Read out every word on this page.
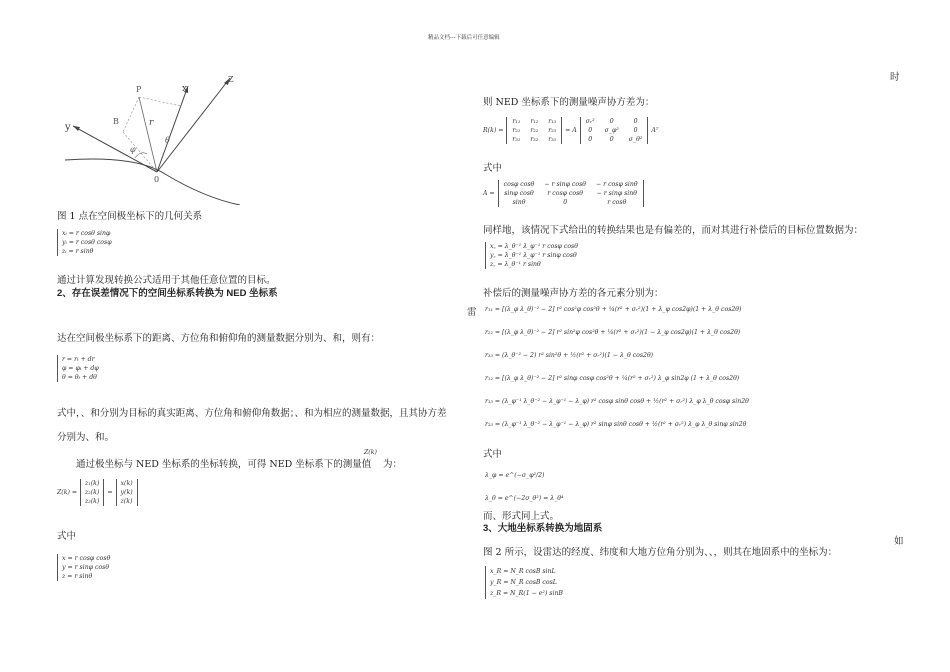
精品文档---下载后可任意编辑
时
雷
如
P	x
Z
y
B	r
φ
θ
0
图 1 点在空间极坐标下的几何关系
xᵢ = r cosθ sinφ
yᵢ = r cosθ cosφ
zᵢ = r sinθ
通过计算发现转换公式适用于其他任意位置的目标。
2、存在误差情况下的空间坐标系转换为 NED 坐标系
达在空间极坐标系下的距离、方位角和俯仰角的测量数据分别为、和，则有：
r = rₜ + dr
φ = φₜ + dφ
θ = θₜ + dθ
式中，、和分别为目标的真实距离、方位角和俯仰角数据；、和为相应的测量数据，且其协方差
分别为、和。
Z(k)
通过极坐标与 NED 坐标系的坐标转换，可得 NED 坐标系下的测量值 为：
Z(k) =
z₁(k)
z₂(k)
z₃(k)
=
x(k)
y(k)
z(k)
式中
x = r cosφ cosθ
y = r sinφ cosθ
z = r sinθ
则 NED 坐标系下的测量噪声协方差为：
R(k) =
r₁₁	r₁₂	r₁₃
r₂₁	r₂₂	r₂₃
r₃₁	r₃₂	r₃₃
= A
σᵣ²	0	0
0	σ_φ²	0
0	0	σ_θ²
Aᵀ
式中
A =
cosφ cosθ	− r sinφ cosθ	− r cosφ sinθ
sinφ cosθ	r cosφ cosθ	− r sinφ sinθ
sinθ	0	r cosθ
同样地，该情况下式给出的转换结果也是有偏差的，而对其进行补偿后的目标位置数据为：
x꜀ = λ_θ⁻¹ λ_φ⁻¹ r cosφ cosθ
y꜀ = λ_θ⁻¹ λ_φ⁻¹ r sinφ cosθ
z꜀ = λ_θ⁻¹ r sinθ
补偿后的测量噪声协方差的各元素分别为：
r₁₁ = [(λ_φ λ_θ)⁻² − 2] r² cos²φ cos²θ + ¼(r² + σᵣ²)(1 + λ_φ cos2φ)(1 + λ_θ cos2θ)
r₂₂ = [(λ_φ λ_θ)⁻² − 2] r² sin²φ cos²θ + ¼(r² + σᵣ²)(1 − λ_φ cos2φ)(1 + λ_θ cos2θ)
r₃₃ = (λ_θ⁻² − 2) r² sin²θ + ½(r² + σᵣ²)(1 − λ_θ cos2θ)
r₁₂ = [(λ_φ λ_θ)⁻² − 2] r² sinφ cosφ cos²θ + ¼(r² + σᵣ²) λ_φ sin2φ (1 + λ_θ cos2θ)
r₁₃ = (λ_φ⁻¹ λ_θ⁻² − λ_φ⁻¹ − λ_φ) r² cosφ sinθ cosθ + ½(r² + σᵣ²) λ_φ λ_θ cosφ sin2θ
r₂₃ = (λ_φ⁻¹ λ_θ⁻² − λ_φ⁻¹ − λ_φ) r² sinφ sinθ cosθ + ½(r² + σᵣ²) λ_φ λ_θ sinφ sin2θ
式中
λ_φ = e^(−σ_φ²/2)
λ_θ = e^(−2σ_θ²) = λ_θ⁴
而、形式同上式。
3、大地坐标系转换为地固系
图 2 所示，设雷达的经度、纬度和大地方位角分别为、、，则其在地固系中的坐标为：
x_R = N_R cosB sinL
y_R = N_R cosB cosL
z_R = N_R(1 − e²) sinB
